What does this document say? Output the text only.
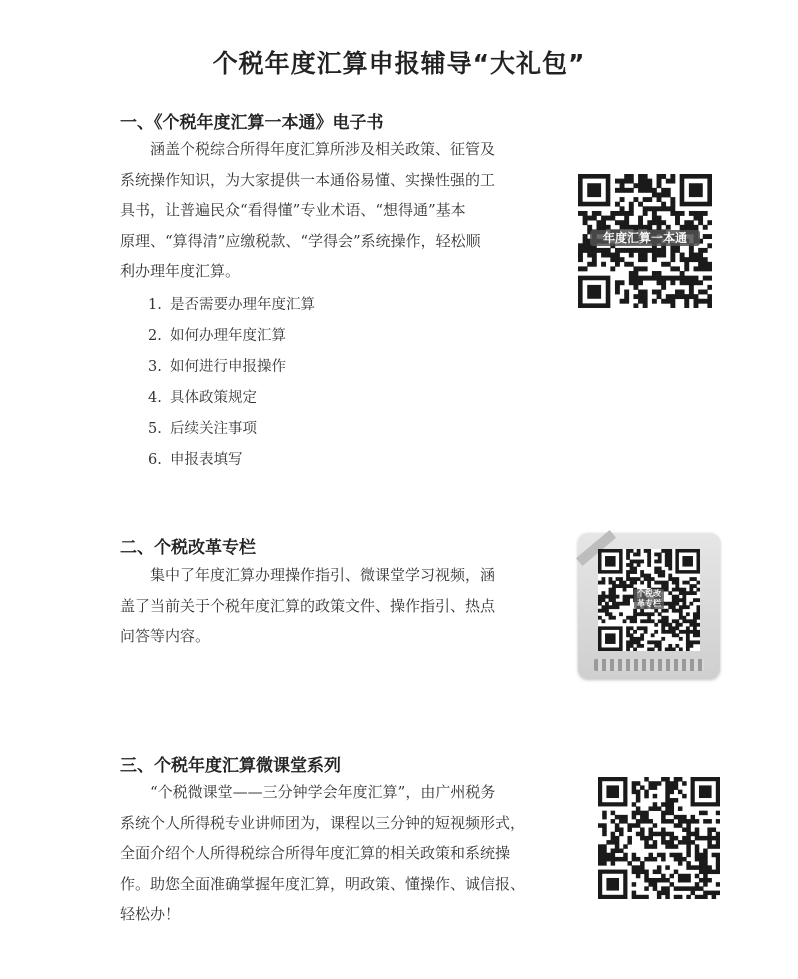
个税年度汇算申报辅导“大礼包”
一、《个税年度汇算一本通》电子书
涵盖个税综合所得年度汇算所涉及相关政策、征管及
系统操作知识，为大家提供一本通俗易懂、实操性强的工
具书，让普遍民众“看得懂”专业术语、“想得通”基本
原理、“算得清”应缴税款、“学得会”系统操作，轻松顺
利办理年度汇算。
1. 是否需要办理年度汇算
2. 如何办理年度汇算
3. 如何进行申报操作
4. 具体政策规定
5. 后续关注事项
6. 申报表填写
年度汇算一本通
二、个税改革专栏
集中了年度汇算办理操作指引、微课堂学习视频，涵
盖了当前关于个税年度汇算的政策文件、操作指引、热点
问答等内容。
个税改革专栏
三、个税年度汇算微课堂系列
“个税微课堂——三分钟学会年度汇算”，由广州税务
系统个人所得税专业讲师团为，课程以三分钟的短视频形式，
全面介绍个人所得税综合所得年度汇算的相关政策和系统操
作。助您全面准确掌握年度汇算，明政策、懂操作、诚信报、
轻松办！
